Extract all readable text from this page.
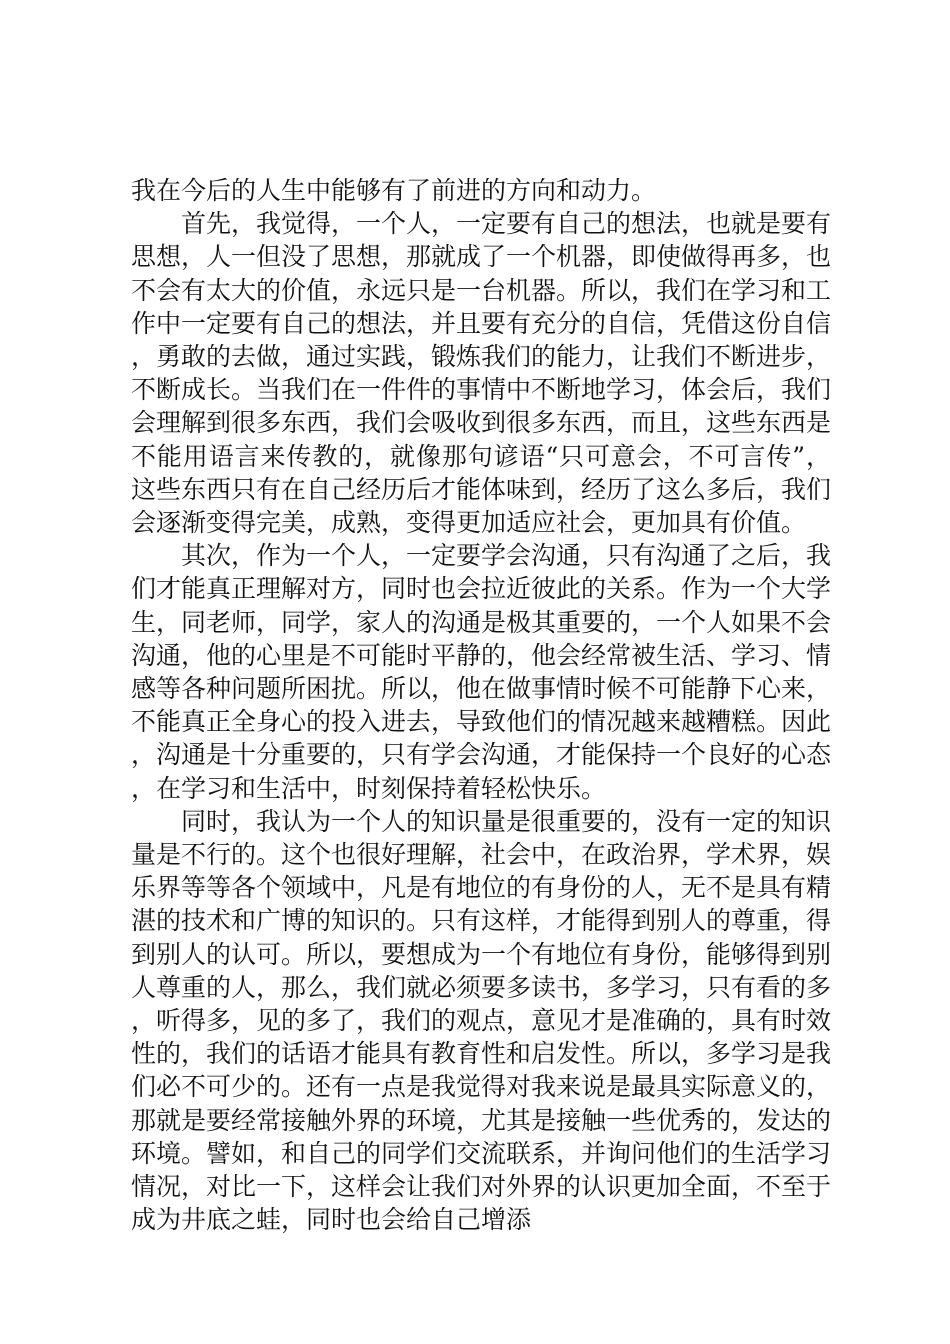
我在今后的人生中能够有了前进的方向和动力。

首先，我觉得，一个人，一定要有自己的想法，也就是要有思想，人一但没了思想，那就成了一个机器，即使做得再多，也不会有太大的价值，永远只是一台机器。所以，我们在学习和工作中一定要有自己的想法，并且要有充分的自信，凭借这份自信，勇敢的去做，通过实践，锻炼我们的能力，让我们不断进步，不断成长。当我们在一件件的事情中不断地学习，体会后，我们会理解到很多东西，我们会吸收到很多东西，而且，这些东西是不能用语言来传教的，就像那句谚语“只可意会，不可言传”，这些东西只有在自己经历后才能体味到，经历了这么多后，我们会逐渐变得完美，成熟，变得更加适应社会，更加具有价值。

其次，作为一个人，一定要学会沟通，只有沟通了之后，我们才能真正理解对方，同时也会拉近彼此的关系。作为一个大学生，同老师，同学，家人的沟通是极其重要的，一个人如果不会沟通，他的心里是不可能时平静的，他会经常被生活、学习、情感等各种问题所困扰。所以，他在做事情时候不可能静下心来，不能真正全身心的投入进去，导致他们的情况越来越糟糕。因此，沟通是十分重要的，只有学会沟通，才能保持一个良好的心态，在学习和生活中，时刻保持着轻松快乐。

同时，我认为一个人的知识量是很重要的，没有一定的知识量是不行的。这个也很好理解，社会中，在政治界，学术界，娱乐界等等各个领域中，凡是有地位的有身份的人，无不是具有精湛的技术和广博的知识的。只有这样，才能得到别人的尊重，得到别人的认可。所以，要想成为一个有地位有身份，能够得到别人尊重的人，那么，我们就必须要多读书，多学习，只有看的多，听得多，见的多了，我们的观点，意见才是准确的，具有时效性的，我们的话语才能具有教育性和启发性。所以，多学习是我们必不可少的。还有一点是我觉得对我来说是最具实际意义的，那就是要经常接触外界的环境，尤其是接触一些优秀的，发达的环境。譬如，和自己的同学们交流联系，并询问他们的生活学习情况，对比一下，这样会让我们对外界的认识更加全面，不至于成为井底之蛙，同时也会给自己增添
